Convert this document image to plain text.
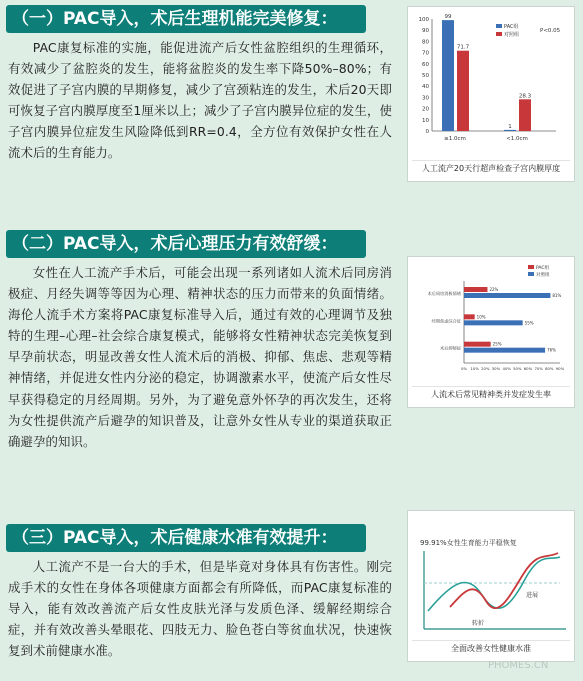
（一）PAC导入，术后生理机能完美修复：
PAC康复标准的实施，能促进流产后女性盆腔组织的生理循环，有效减少了盆腔炎的发生，能将盆腔炎的发生率下降50%–80%；有效促进了子宫内膜的早期修复，减少了宫颈粘连的发生，术后20天即可恢复子宫内膜厚度至1厘米以上；减少了子宫内膜异位症的发生，使子宫内膜异位症发生风险降低到RR=0.4，全方位有效保护女性在人流术后的生育能力。
（二）PAC导入，术后心理压力有效舒缓：
女性在人工流产手术后，可能会出现一系列诸如人流术后同房消极症、月经失调等等因为心理、精神状态的压力而带来的负面情绪。海伦人流手术方案将PAC康复标准导入后，通过有效的心理调节及独特的生理–心理–社会综合康复模式，能够将女性精神状态完美恢复到早孕前状态，明显改善女性人流术后的消极、抑郁、焦虑、悲观等精神情绪，并促进女性内分泌的稳定，协调激素水平，使流产后女性尽早获得稳定的月经周期。另外，为了避免意外怀孕的再次发生，还将为女性提供流产后避孕的知识普及，让意外女性从专业的渠道获取正确避孕的知识。
（三）PAC导入，术后健康水准有效提升：
人工流产不是一台大的手术，但是毕竟对身体具有伤害性。刚完成手术的女性在身体各项健康方面都会有所降低，而PAC康复标准的导入，能有效改善流产后女性皮肤光泽与发质色泽、缓解经期综合症，并有效改善头晕眼花、四肢无力、脸色苍白等贫血状况，快速恢复到术前健康水准。
0
10
20
30
40
50
60
70
80
90
100	99
71.7
≥1.0cm
1
28.3
<1.0cm
PAC组
对照组
P<0.05
人工流产20天行超声检查子宫内膜厚度
0% 10% 20% 30% 40% 50% 60% 70% 80% 90%
22%
81%
术后同房消极情绪
10%
55%
经期焦虑综合征
25%
76%
术后抑郁症
PAC组
对照组
人流术后常见精神类并发症发生率
99.91%女性生育能力平稳恢复
转折
进展
全面改善女性健康水准
PHOMES.CN
